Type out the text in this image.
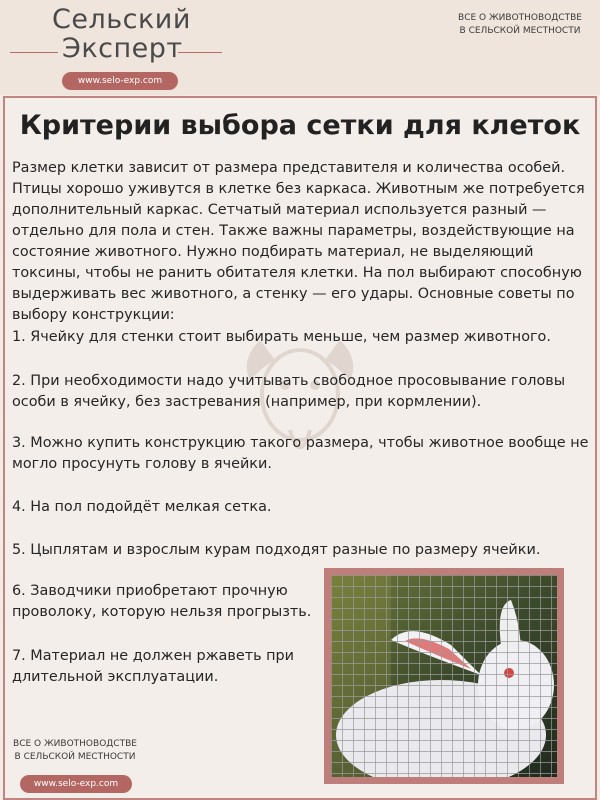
Сельский
Эксперт
www.selo-exp.com
ВСЕ О ЖИВОТНОВОДСТВЕ
В СЕЛЬСКОЙ МЕСТНОСТИ
Критерии выбора сетки для клеток

Размер клетки зависит от размера представителя и количества особей. Птицы хорошо уживутся в клетке без каркаса. Животным же потребуется дополнительный каркас. Сетчатый материал используется разный — отдельно для пола и стен. Также важны параметры, воздействующие на состояние животного. Нужно подбирать материал, не выделяющий токсины, чтобы не ранить обитателя клетки. На пол выбирают способную выдерживать вес животного, а стенку — его удары. Основные советы по выбору конструкции:

1. Ячейку для стенки стоит выбирать меньше, чем размер животного.

2. При необходимости надо учитывать свободное просовывание головы особи в ячейку, без застревания (например, при кормлении).

3. Можно купить конструкцию такого размера, чтобы животное вообще не могло просунуть голову в ячейки.

4. На пол подойдёт мелкая сетка.

5. Цыплятам и взрослым курам подходят разные по размеру ячейки.

6. Заводчики приобретают прочную проволоку, которую нельзя прогрызть.

7. Материал не должен ржаветь при длительной эксплуатации.

ВСЕ О ЖИВОТНОВОДСТВЕ
В СЕЛЬСКОЙ МЕСТНОСТИ
www.selo-exp.com
